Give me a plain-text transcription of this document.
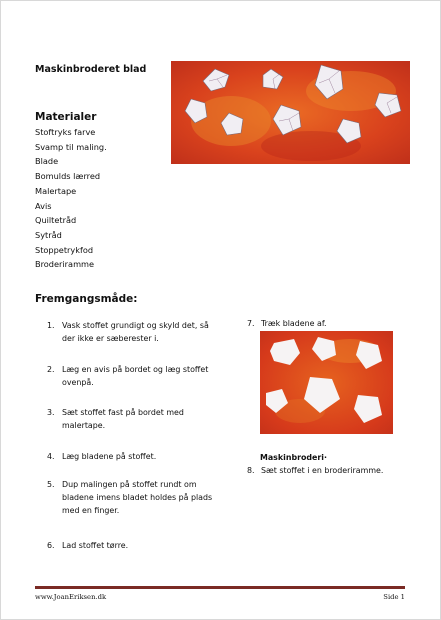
Maskinbroderet blad
Materialer
Stoftryks farve
Svamp til maling.
Blade
Bomulds lærred
Malertape
Avis
Quiltetråd
Sytråd
Stoppetrykfod
Broderiramme
Fremgangsmåde:
1. Vask stoffet grundigt og skyld det, så der ikke er sæberester i.
2. Læg en avis på bordet og læg stoffet ovenpå.
3. Sæt stoffet fast på bordet med malertape.
4. Læg bladene på stoffet.
5. Dup malingen på stoffet rundt om bladene imens bladet holdes på plads med en finger.
6. Lad stoffet tørre.
7. Træk bladene af.
Maskinbroderi·
8. Sæt stoffet i en broderiramme.
www.JoanEriksen.dk	Side 1
